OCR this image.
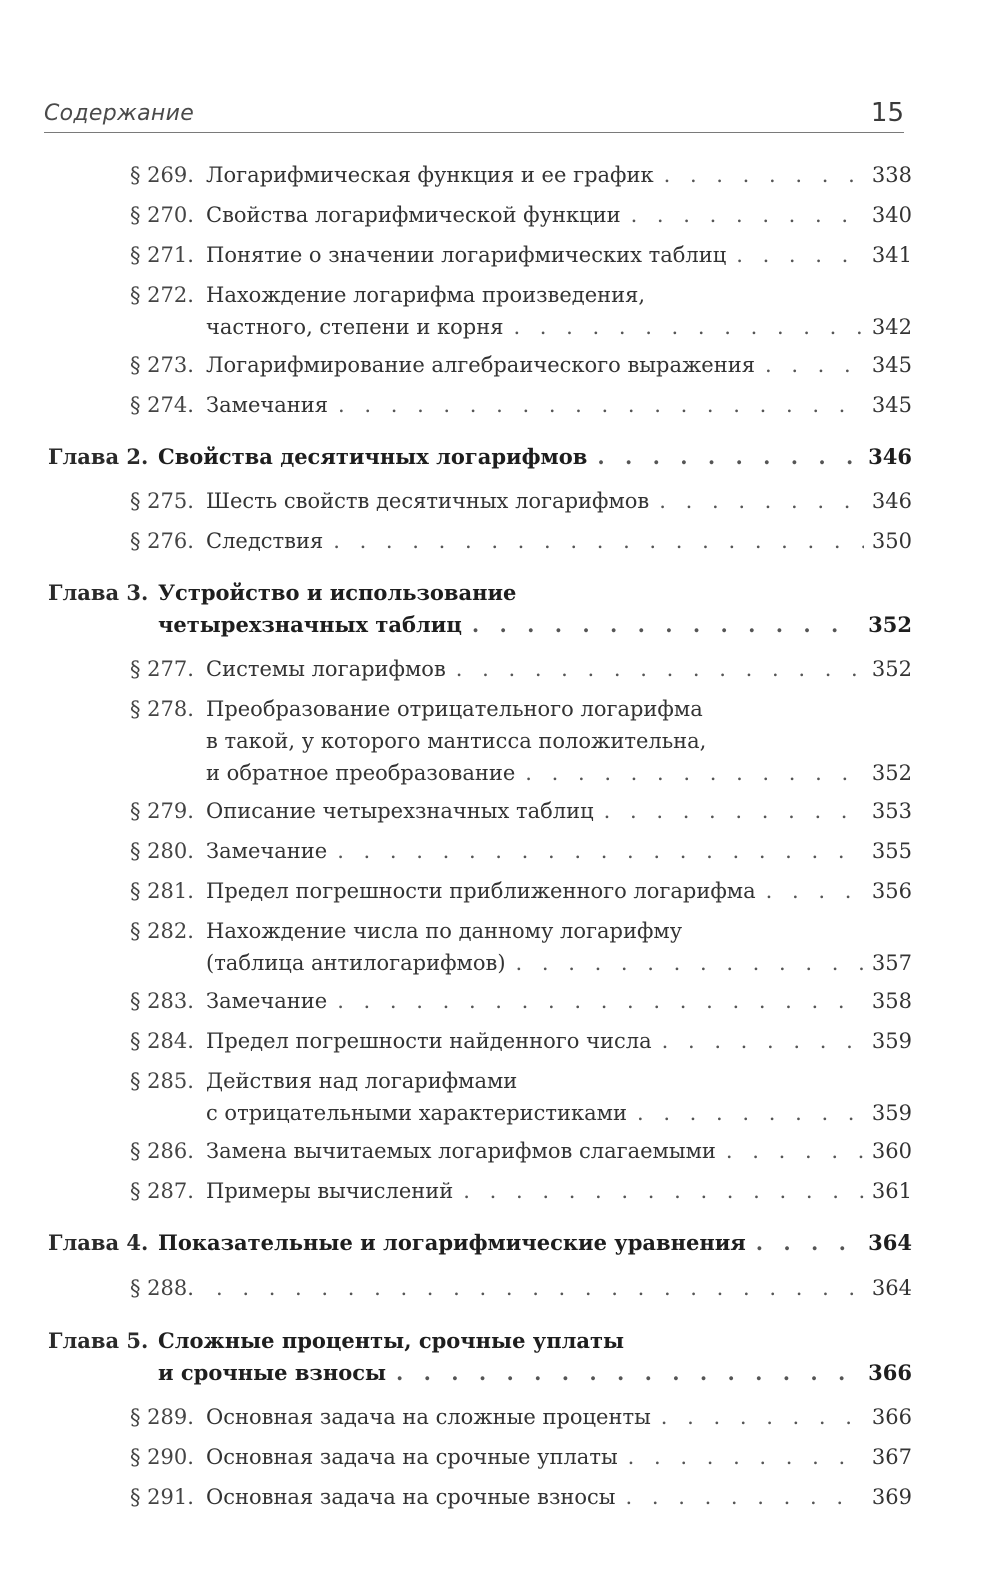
Содержание	15
§ 269. Логарифмическая функция и ее график . . .	338
§ 270. Свойства логарифмической функции . . .	340
§ 271. Понятие о значении логарифмических таблиц . . .	341
§ 272. Нахождение логарифма произведения,
частного, степени и корня . . .	342
§ 273. Логарифмирование алгебраического выражения . . .	345
§ 274. Замечания . . .	345
Глава 2. Свойства десятичных логарифмов . . .	346
§ 275. Шесть свойств десятичных логарифмов . . .	346
§ 276. Следствия . . .	350
Глава 3. Устройство и использование
четырехзначных таблиц . . .	352
§ 277. Системы логарифмов . . .	352
§ 278. Преобразование отрицательного логарифма
в такой, у которого мантисса положительна,
и обратное преобразование . . .	352
§ 279. Описание четырехзначных таблиц . . .	353
§ 280. Замечание . . .	355
§ 281. Предел погрешности приближенного логарифма . . .	356
§ 282. Нахождение числа по данному логарифму
(таблица антилогарифмов) . . .	357
§ 283. Замечание . . .	358
§ 284. Предел погрешности найденного числа . . .	359
§ 285. Действия над логарифмами
с отрицательными характеристиками . . .	359
§ 286. Замена вычитаемых логарифмов слагаемыми . . .	360
§ 287. Примеры вычислений . . .	361
Глава 4. Показательные и логарифмические уравнения . . .	364
§ 288. . . .	364
Глава 5. Сложные проценты, срочные уплаты
и срочные взносы . . .	366
§ 289. Основная задача на сложные проценты . . .	366
§ 290. Основная задача на срочные уплаты . . .	367
§ 291. Основная задача на срочные взносы . . .	369
